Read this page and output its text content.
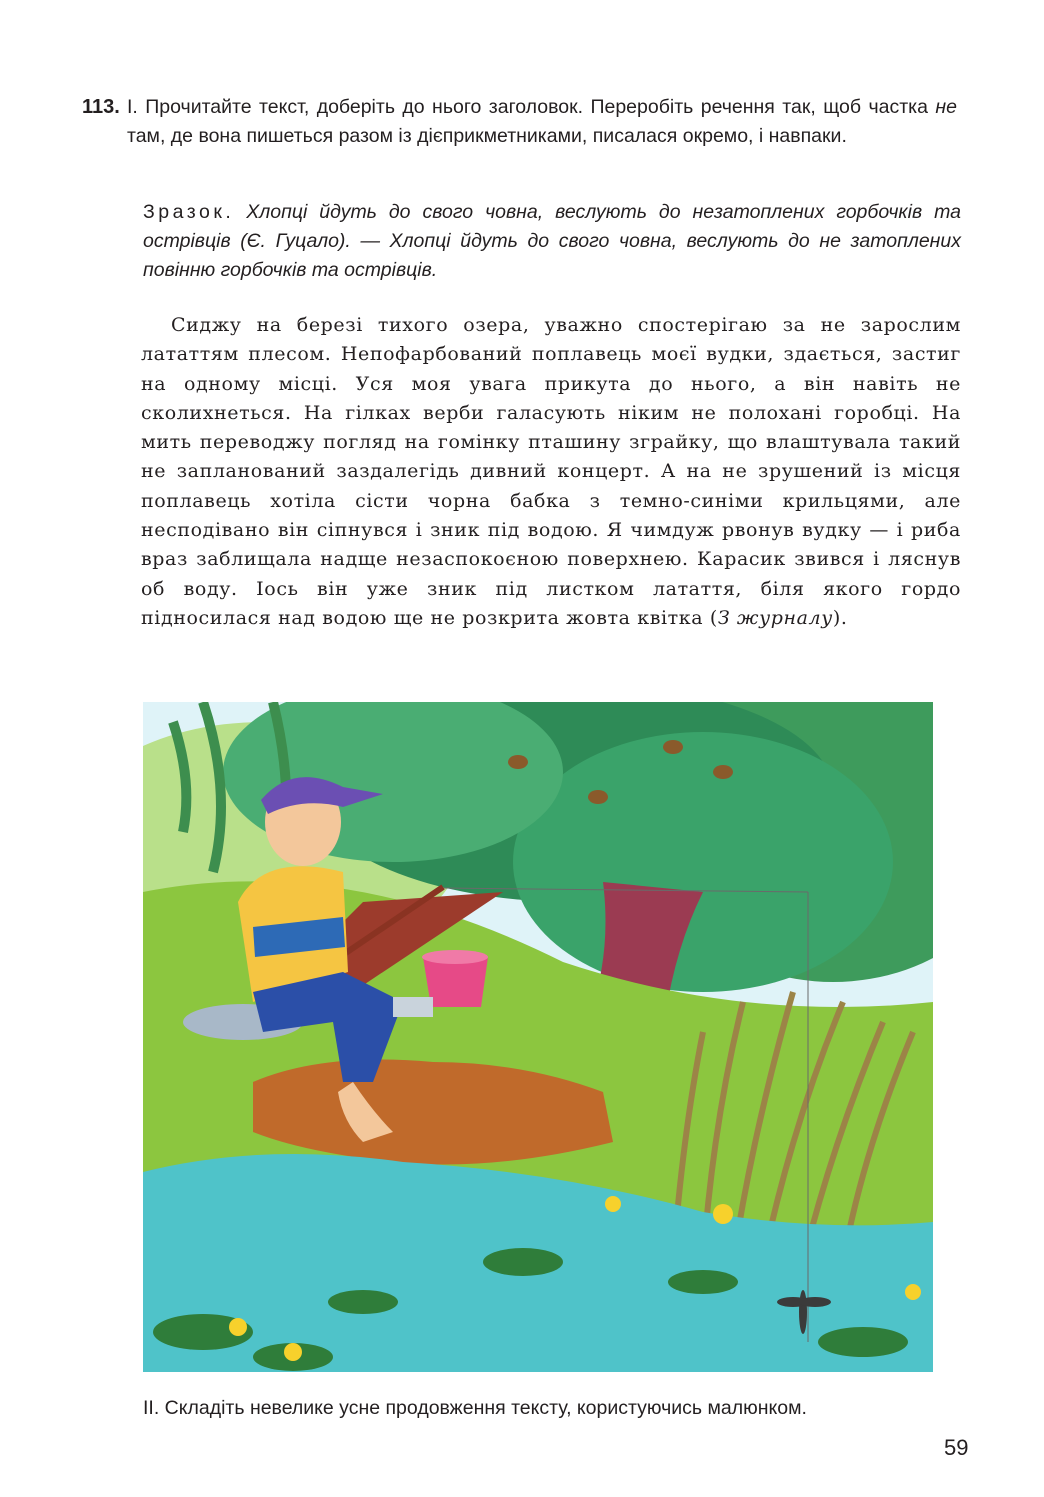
113. I. Прочитайте текст, доберіть до нього заголовок. Переробіть речення так, щоб частка не там, де вона пишеться разом із дієприкметниками, писалася окремо, і навпаки.
Зразок. Хлопці йдуть до свого човна, веслують до незатоплених горбочків та острівців (Є. Гуцало). — Хлопці йдуть до свого човна, веслують до не затоплених повінню горбочків та острівців.
Сиджу на березі тихого озера, уважно спостерігаю за не зарослим лататтям плесом. Непофарбований поплавець моєї вудки, здається, застиг на одному місці. Уся моя увага прикута до нього, а він навіть не сколихнеться. На гілках верби галасують ніким не полохані горобці. На мить переводжу погляд на гомінку пташину зграйку, що влаштувала такий не запланований заздалегідь дивний концерт. А на не зрушений із місця поплавець хотіла сісти чорна бабка з темно-синіми крильцями, але несподівано він сіпнувся і зник під водою. Я чимдуж рвонув вудку — і риба враз заблищала надще незаспокоєною поверхнею. Карасик звився і ляснув об воду. Іось він уже зник під листком латаття, біля якого гордо підносилася над водою ще не розкрита жовта квітка (З журналу).
II. Складіть невелике усне продовження тексту, користуючись малюнком.
59
